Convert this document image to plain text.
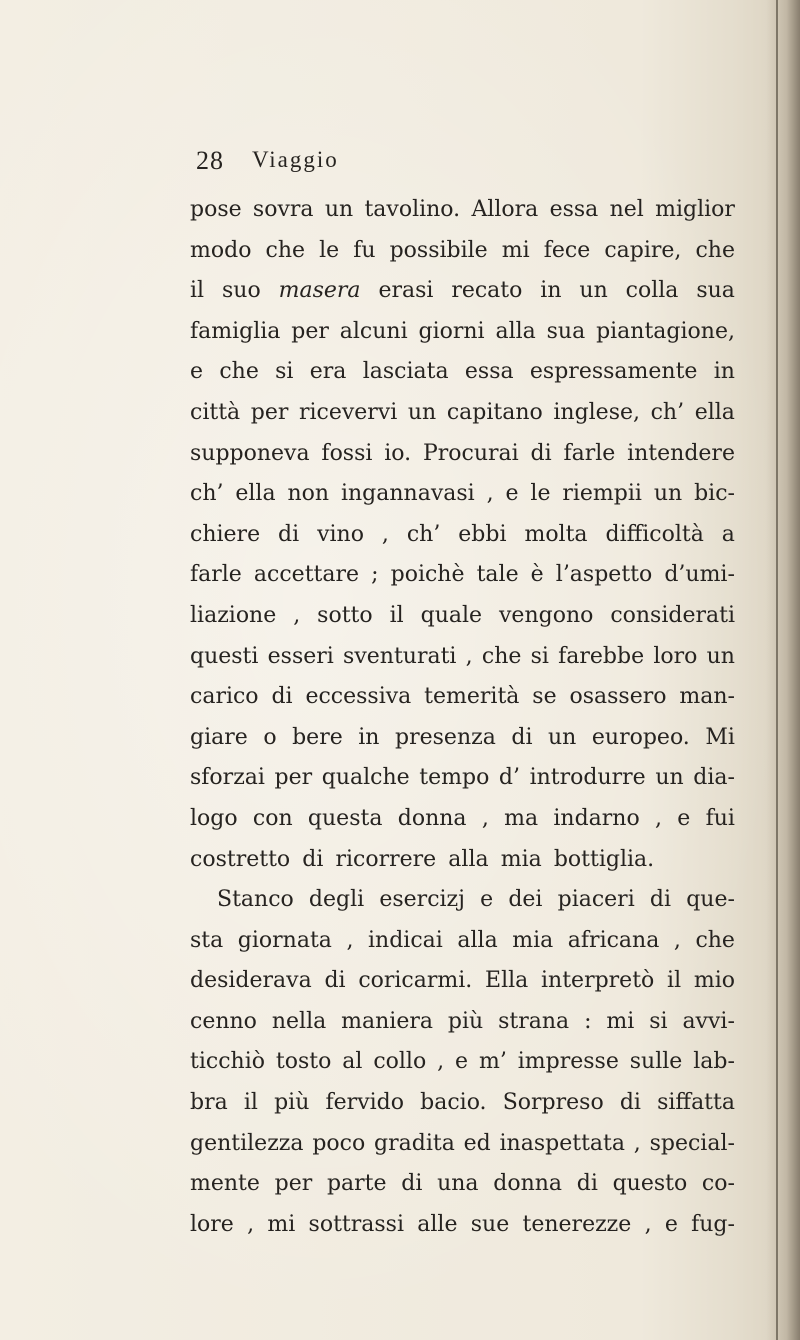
28 Viaggio
pose sovra un tavolino. Allora essa nel miglior
modo che le fu possibile mi fece capire, che
il suo masera erasi recato in un colla sua
famiglia per alcuni giorni alla sua piantagione,
e che si era lasciata essa espressamente in
città per ricevervi un capitano inglese, ch’ ella
supponeva fossi io. Procurai di farle intendere
ch’ ella non ingannavasi , e le riempii un bic-
chiere di vino , ch’ ebbi molta difficoltà a
farle accettare ; poichè tale è l’aspetto d’umi-
liazione , sotto il quale vengono considerati
questi esseri sventurati , che si farebbe loro un
carico di eccessiva temerità se osassero man-
giare o bere in presenza di un europeo. Mi
sforzai per qualche tempo d’ introdurre un dia-
logo con questa donna , ma indarno , e fui
costretto di ricorrere alla mia bottiglia.
Stanco degli esercizj e dei piaceri di que-
sta giornata , indicai alla mia africana , che
desiderava di coricarmi. Ella interpretò il mio
cenno nella maniera più strana : mi si avvi-
ticchiò tosto al collo , e m’ impresse sulle lab-
bra il più fervido bacio. Sorpreso di siffatta
gentilezza poco gradita ed inaspettata , special-
mente per parte di una donna di questo co-
lore , mi sottrassi alle sue tenerezze , e fug-
